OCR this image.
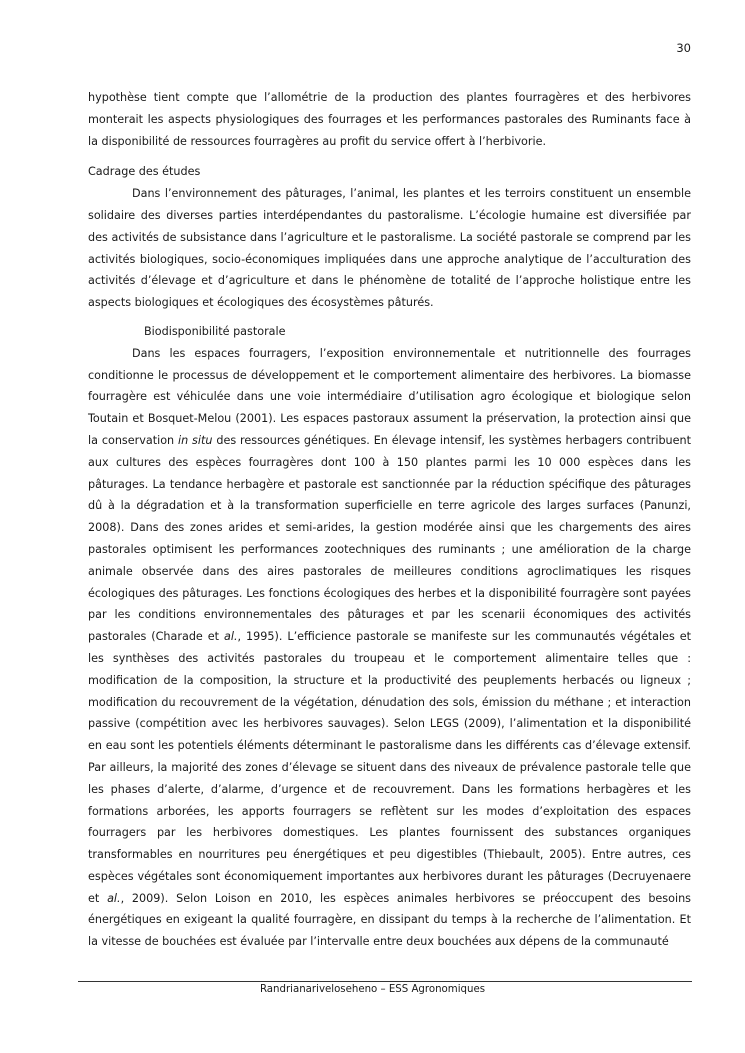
30

hypothèse tient compte que l’allométrie de la production des plantes fourragères et des herbivores monterait les aspects physiologiques des fourrages et les performances pastorales des Ruminants face à la disponibilité de ressources fourragères au profit du service offert à l’herbivorie.

Cadrage des études

Dans l’environnement des pâturages, l’animal, les plantes et les terroirs constituent un ensemble solidaire des diverses parties interdépendantes du pastoralisme. L’écologie humaine est diversifiée par des activités de subsistance dans l’agriculture et le pastoralisme. La société pastorale se comprend par les activités biologiques, socio-économiques impliquées dans une approche analytique de l’acculturation des activités d’élevage et d’agriculture et dans le phénomène de totalité de l’approche holistique entre les aspects biologiques et écologiques des écosystèmes pâturés.

Biodisponibilité pastorale

Dans les espaces fourragers, l’exposition environnementale et nutritionnelle des fourrages conditionne le processus de développement et le comportement alimentaire des herbivores. La biomasse fourragère est véhiculée dans une voie intermédiaire d’utilisation agro écologique et biologique selon Toutain et Bosquet-Melou (2001). Les espaces pastoraux assument la préservation, la protection ainsi que la conservation in situ des ressources génétiques. En élevage intensif, les systèmes herbagers contribuent aux cultures des espèces fourragères dont 100 à 150 plantes parmi les 10 000 espèces dans les pâturages. La tendance herbagère et pastorale est sanctionnée par la réduction spécifique des pâturages dû à la dégradation et à la transformation superficielle en terre agricole des larges surfaces (Panunzi, 2008). Dans des zones arides et semi-arides, la gestion modérée ainsi que les chargements des aires pastorales optimisent les performances zootechniques des ruminants ; une amélioration de la charge animale observée dans des aires pastorales de meilleures conditions agroclimatiques les risques écologiques des pâturages. Les fonctions écologiques des herbes et la disponibilité fourragère sont payées par les conditions environnementales des pâturages et par les scenarii économiques des activités pastorales (Charade et al., 1995). L’efficience pastorale se manifeste sur les communautés végétales et les synthèses des activités pastorales du troupeau et le comportement alimentaire telles que : modification de la composition, la structure et la productivité des peuplements herbacés ou ligneux ; modification du recouvrement de la végétation, dénudation des sols, émission du méthane ; et interaction passive (compétition avec les herbivores sauvages). Selon LEGS (2009), l’alimentation et la disponibilité en eau sont les potentiels éléments déterminant le pastoralisme dans les différents cas d’élevage extensif. Par ailleurs, la majorité des zones d’élevage se situent dans des niveaux de prévalence pastorale telle que les phases d’alerte, d’alarme, d’urgence et de recouvrement. Dans les formations herbagères et les formations arborées, les apports fourragers se reflètent sur les modes d’exploitation des espaces fourragers par les herbivores domestiques. Les plantes fournissent des substances organiques transformables en nourritures peu énergétiques et peu digestibles (Thiebault, 2005). Entre autres, ces espèces végétales sont économiquement importantes aux herbivores durant les pâturages (Decruyenaere et al., 2009). Selon Loison en 2010, les espèces animales herbivores se préoccupent des besoins énergétiques en exigeant la qualité fourragère, en dissipant du temps à la recherche de l’alimentation. Et la vitesse de bouchées est évaluée par l’intervalle entre deux bouchées aux dépens de la communauté

Randrianariveloseheno – ESS Agronomiques
